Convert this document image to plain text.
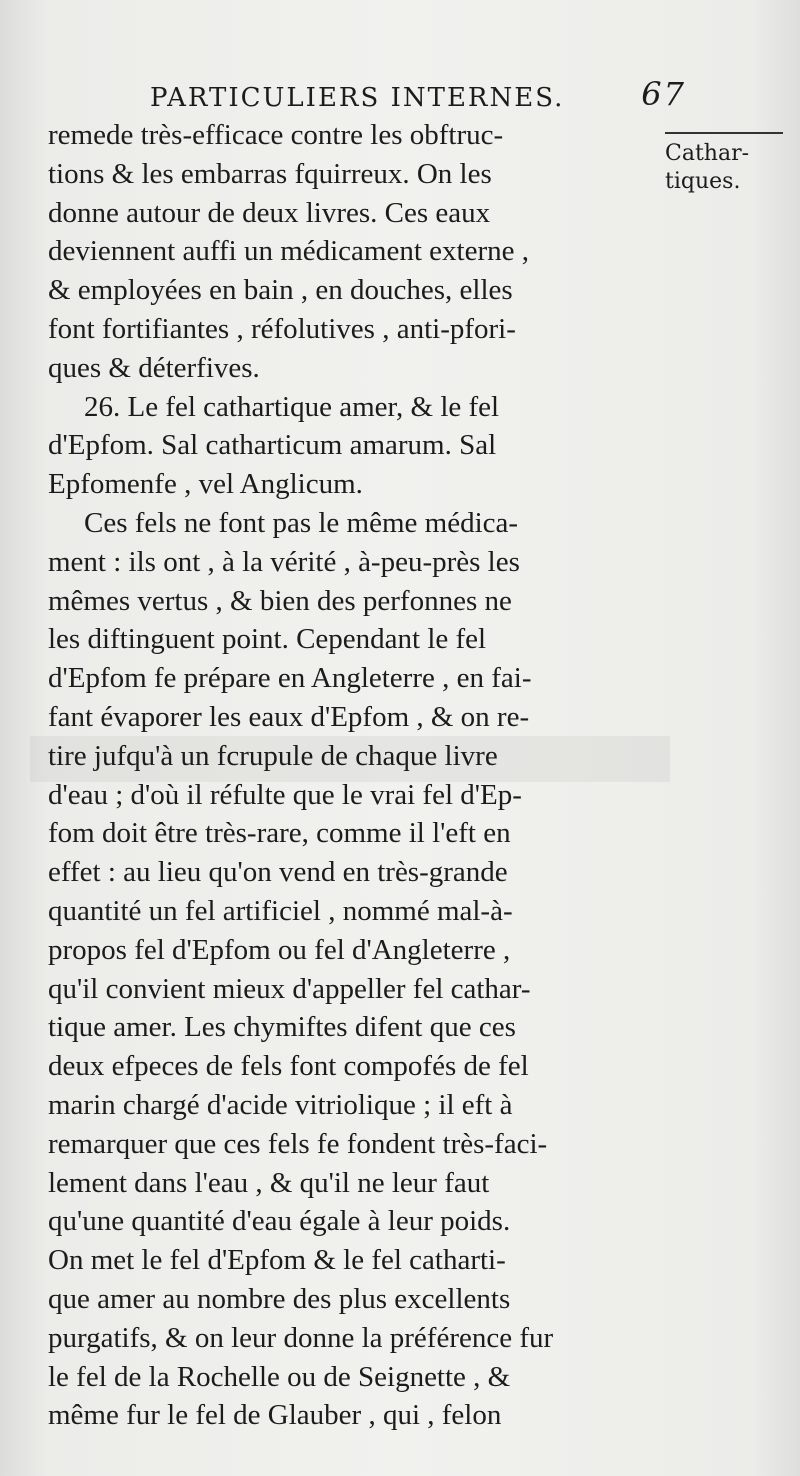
PARTICULIERS INTERNES. 67
Cathar- tiques.
remede très-efficace contre les obftruc-
tions & les embarras fquirreux. On les
donne autour de deux livres. Ces eaux
deviennent auffi un médicament externe ,
& employées en bain , en douches, elles
font fortifiantes , réfolutives , anti-pfori-
ques & déterfives.
26. Le fel cathartique amer, & le fel
d'Epfom. Sal catharticum amarum. Sal
Epfomenfe , vel Anglicum.
Ces fels ne font pas le même médica-
ment : ils ont , à la vérité , à-peu-près les
mêmes vertus , & bien des perfonnes ne
les diftinguent point. Cependant le fel
d'Epfom fe prépare en Angleterre , en fai-
fant évaporer les eaux d'Epfom , & on re-
tire jufqu'à un fcrupule de chaque livre
d'eau ; d'où il réfulte que le vrai fel d'Ep-
fom doit être très-rare, comme il l'eft en
effet : au lieu qu'on vend en très-grande
quantité un fel artificiel , nommé mal-à-
propos fel d'Epfom ou fel d'Angleterre ,
qu'il convient mieux d'appeller fel cathar-
tique amer. Les chymiftes difent que ces
deux efpeces de fels font compofés de fel
marin chargé d'acide vitriolique ; il eft à
remarquer que ces fels fe fondent très-faci-
lement dans l'eau , & qu'il ne leur faut
qu'une quantité d'eau égale à leur poids.
On met le fel d'Epfom & le fel catharti-
que amer au nombre des plus excellents
purgatifs, & on leur donne la préférence fur
le fel de la Rochelle ou de Seignette , &
même fur le fel de Glauber , qui , felon
